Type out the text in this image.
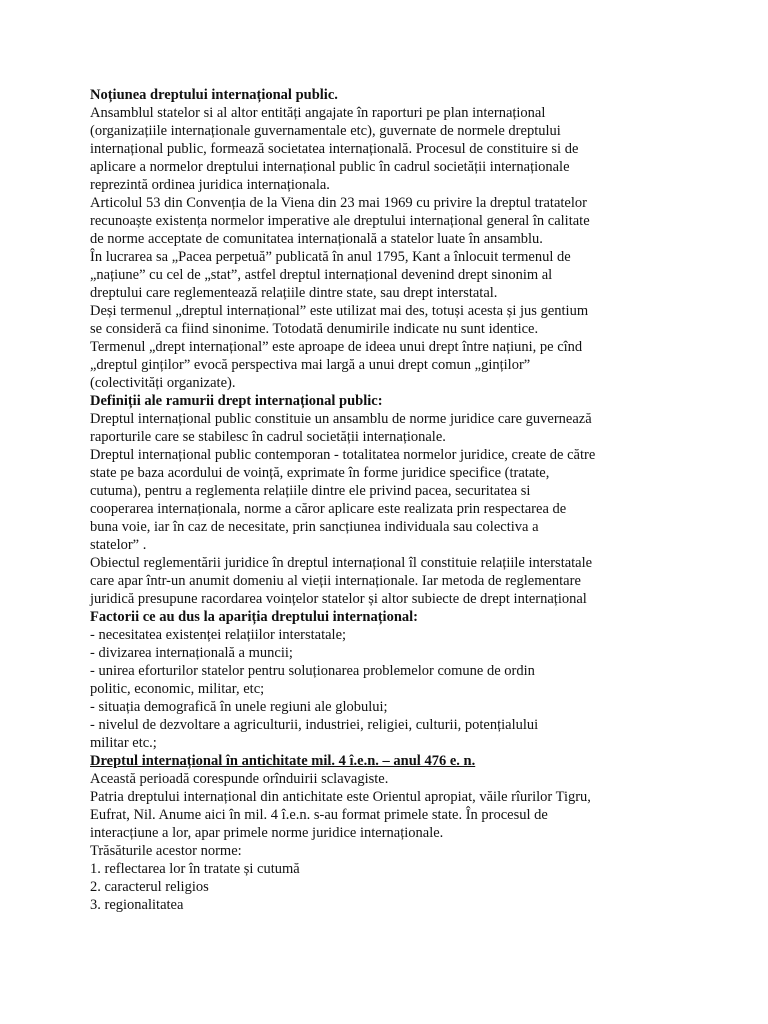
Noțiunea dreptului internațional public.
Ansamblul statelor si al altor entități angajate în raporturi pe plan internațional
(organizațiile internaționale guvernamentale etc), guvernate de normele dreptului
internațional public, formează societatea internațională. Procesul de constituire si de
aplicare a normelor dreptului internațional public în cadrul societății internaționale
reprezintă ordinea juridica internaționala.
Articolul 53 din Convenția de la Viena din 23 mai 1969 cu privire la dreptul tratatelor
recunoaște existența normelor imperative ale dreptului internațional general în calitate
de norme acceptate de comunitatea internațională a statelor luate în ansamblu.
În lucrarea sa „Pacea perpetuă” publicată în anul 1795, Kant a înlocuit termenul de
„națiune” cu cel de „stat”, astfel dreptul internațional devenind drept sinonim al
dreptului care reglementează relațiile dintre state, sau drept interstatal.
Deși termenul „dreptul internațional” este utilizat mai des, totuși acesta și jus gentium
se consideră ca fiind sinonime. Totodată denumirile indicate nu sunt identice.
Termenul „drept internațional” este aproape de ideea unui drept între națiuni, pe cînd
„dreptul ginților” evocă perspectiva mai largă a unui drept comun „ginților”
(colectivități organizate).
Definiții ale ramurii drept internațional public:
Dreptul internațional public constituie un ansamblu de norme juridice care guvernează
raporturile care se stabilesc în cadrul societății internaționale.
Dreptul internațional public contemporan - totalitatea normelor juridice, create de către
state pe baza acordului de voință, exprimate în forme juridice specifice (tratate,
cutuma), pentru a reglementa relațiile dintre ele privind pacea, securitatea si
cooperarea internaționala, norme a căror aplicare este realizata prin respectarea de
buna voie, iar în caz de necesitate, prin sancțiunea individuala sau colectiva a
statelor” .
Obiectul reglementării juridice în dreptul internațional îl constituie relațiile interstatale
care apar într-un anumit domeniu al vieții internaționale. Iar metoda de reglementare
juridică presupune racordarea voințelor statelor și altor subiecte de drept internațional
Factorii ce au dus la apariția dreptului internațional:
- necesitatea existenței relațiilor interstatale;
- divizarea internațională a muncii;
- unirea eforturilor statelor pentru soluționarea problemelor comune de ordin
politic, economic, militar, etc;
- situația demografică în unele regiuni ale globului;
- nivelul de dezvoltare a agriculturii, industriei, religiei, culturii, potențialului
militar etc.;
Dreptul internațional în antichitate mil. 4 î.e.n. – anul 476 e. n.
Această perioadă corespunde orînduirii sclavagiste.
Patria dreptului internațional din antichitate este Orientul apropiat, văile rîurilor Tigru,
Eufrat, Nil. Anume aici în mil. 4 î.e.n. s-au format primele state. În procesul de
interacțiune a lor, apar primele norme juridice internaționale.
Trăsăturile acestor norme:
1. reflectarea lor în tratate și cutumă
2. caracterul religios
3. regionalitatea
